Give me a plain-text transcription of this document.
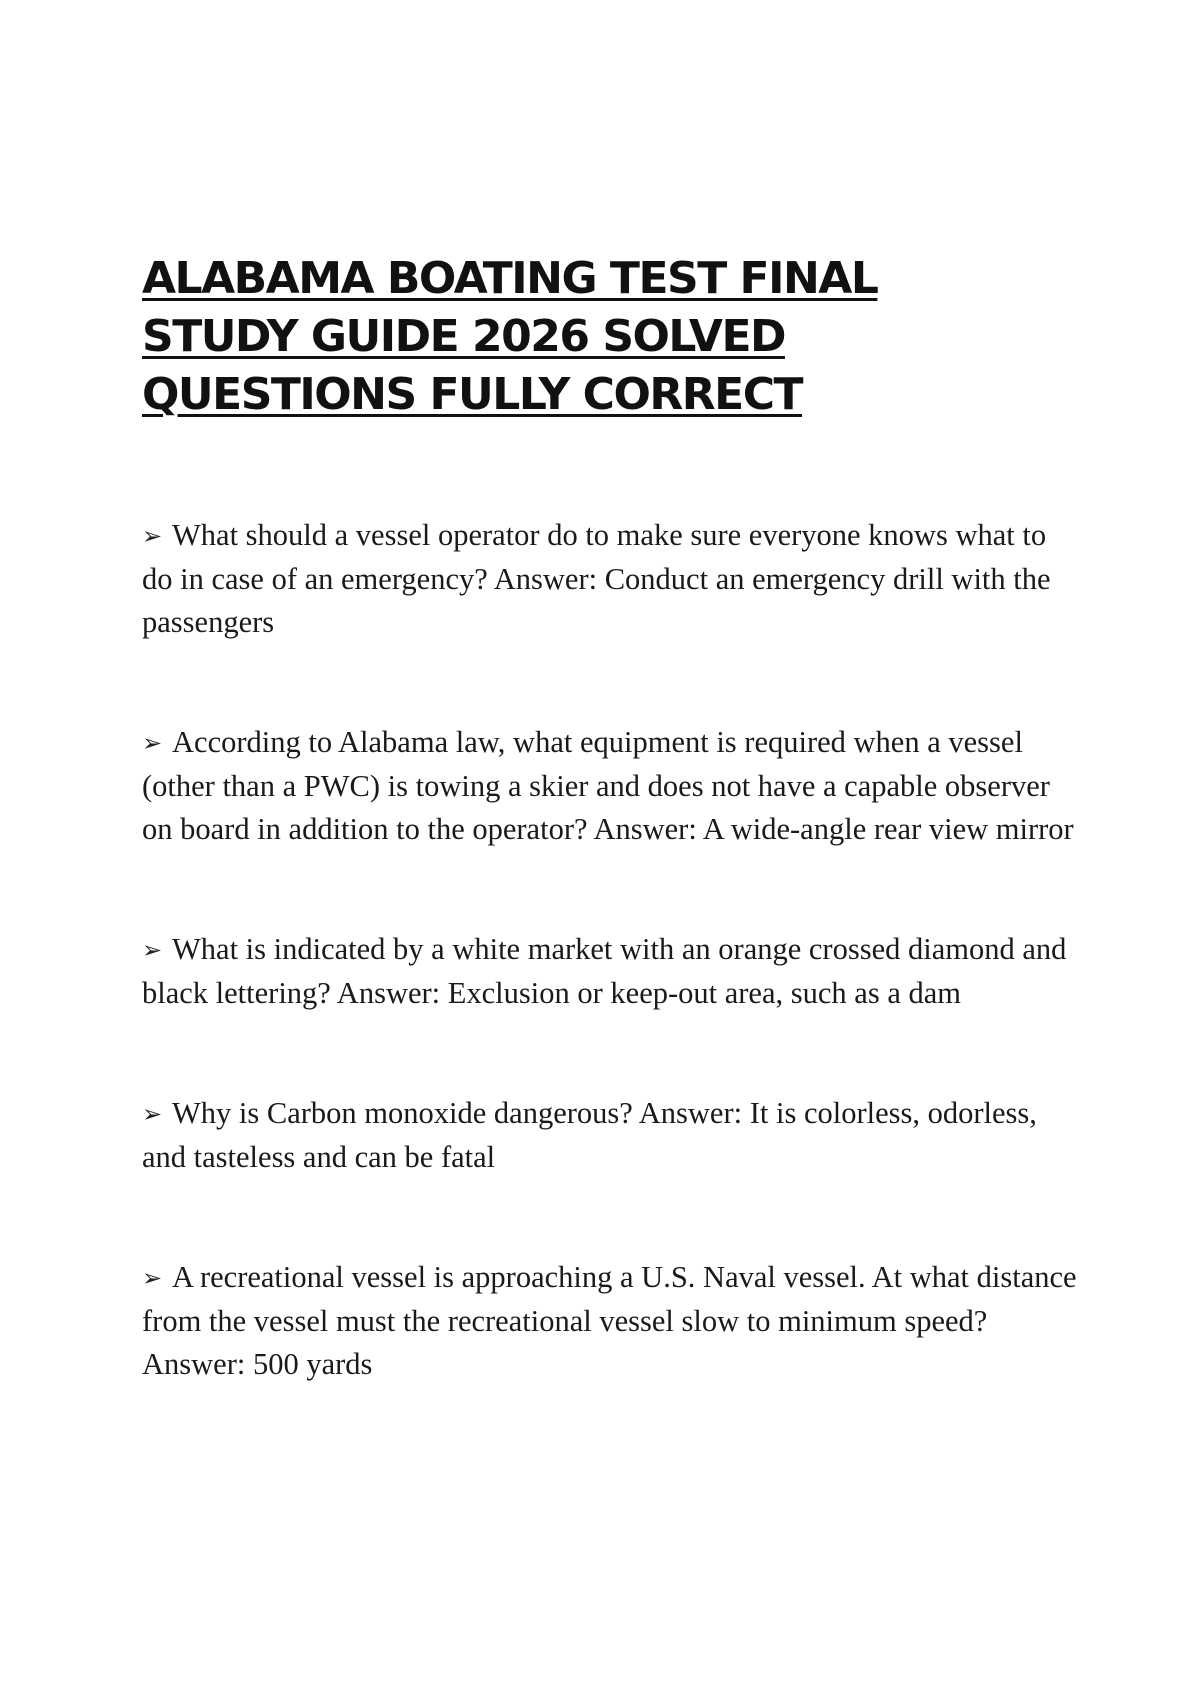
ALABAMA BOATING TEST FINAL STUDY GUIDE 2026 SOLVED QUESTIONS FULLY CORRECT

➢ What should a vessel operator do to make sure everyone knows what to do in case of an emergency? Answer: Conduct an emergency drill with the passengers

➢ According to Alabama law, what equipment is required when a vessel (other than a PWC) is towing a skier and does not have a capable observer on board in addition to the operator? Answer: A wide-angle rear view mirror

➢ What is indicated by a white market with an orange crossed diamond and black lettering? Answer: Exclusion or keep-out area, such as a dam

➢ Why is Carbon monoxide dangerous? Answer: It is colorless, odorless, and tasteless and can be fatal

➢ A recreational vessel is approaching a U.S. Naval vessel. At what distance from the vessel must the recreational vessel slow to minimum speed? Answer: 500 yards
